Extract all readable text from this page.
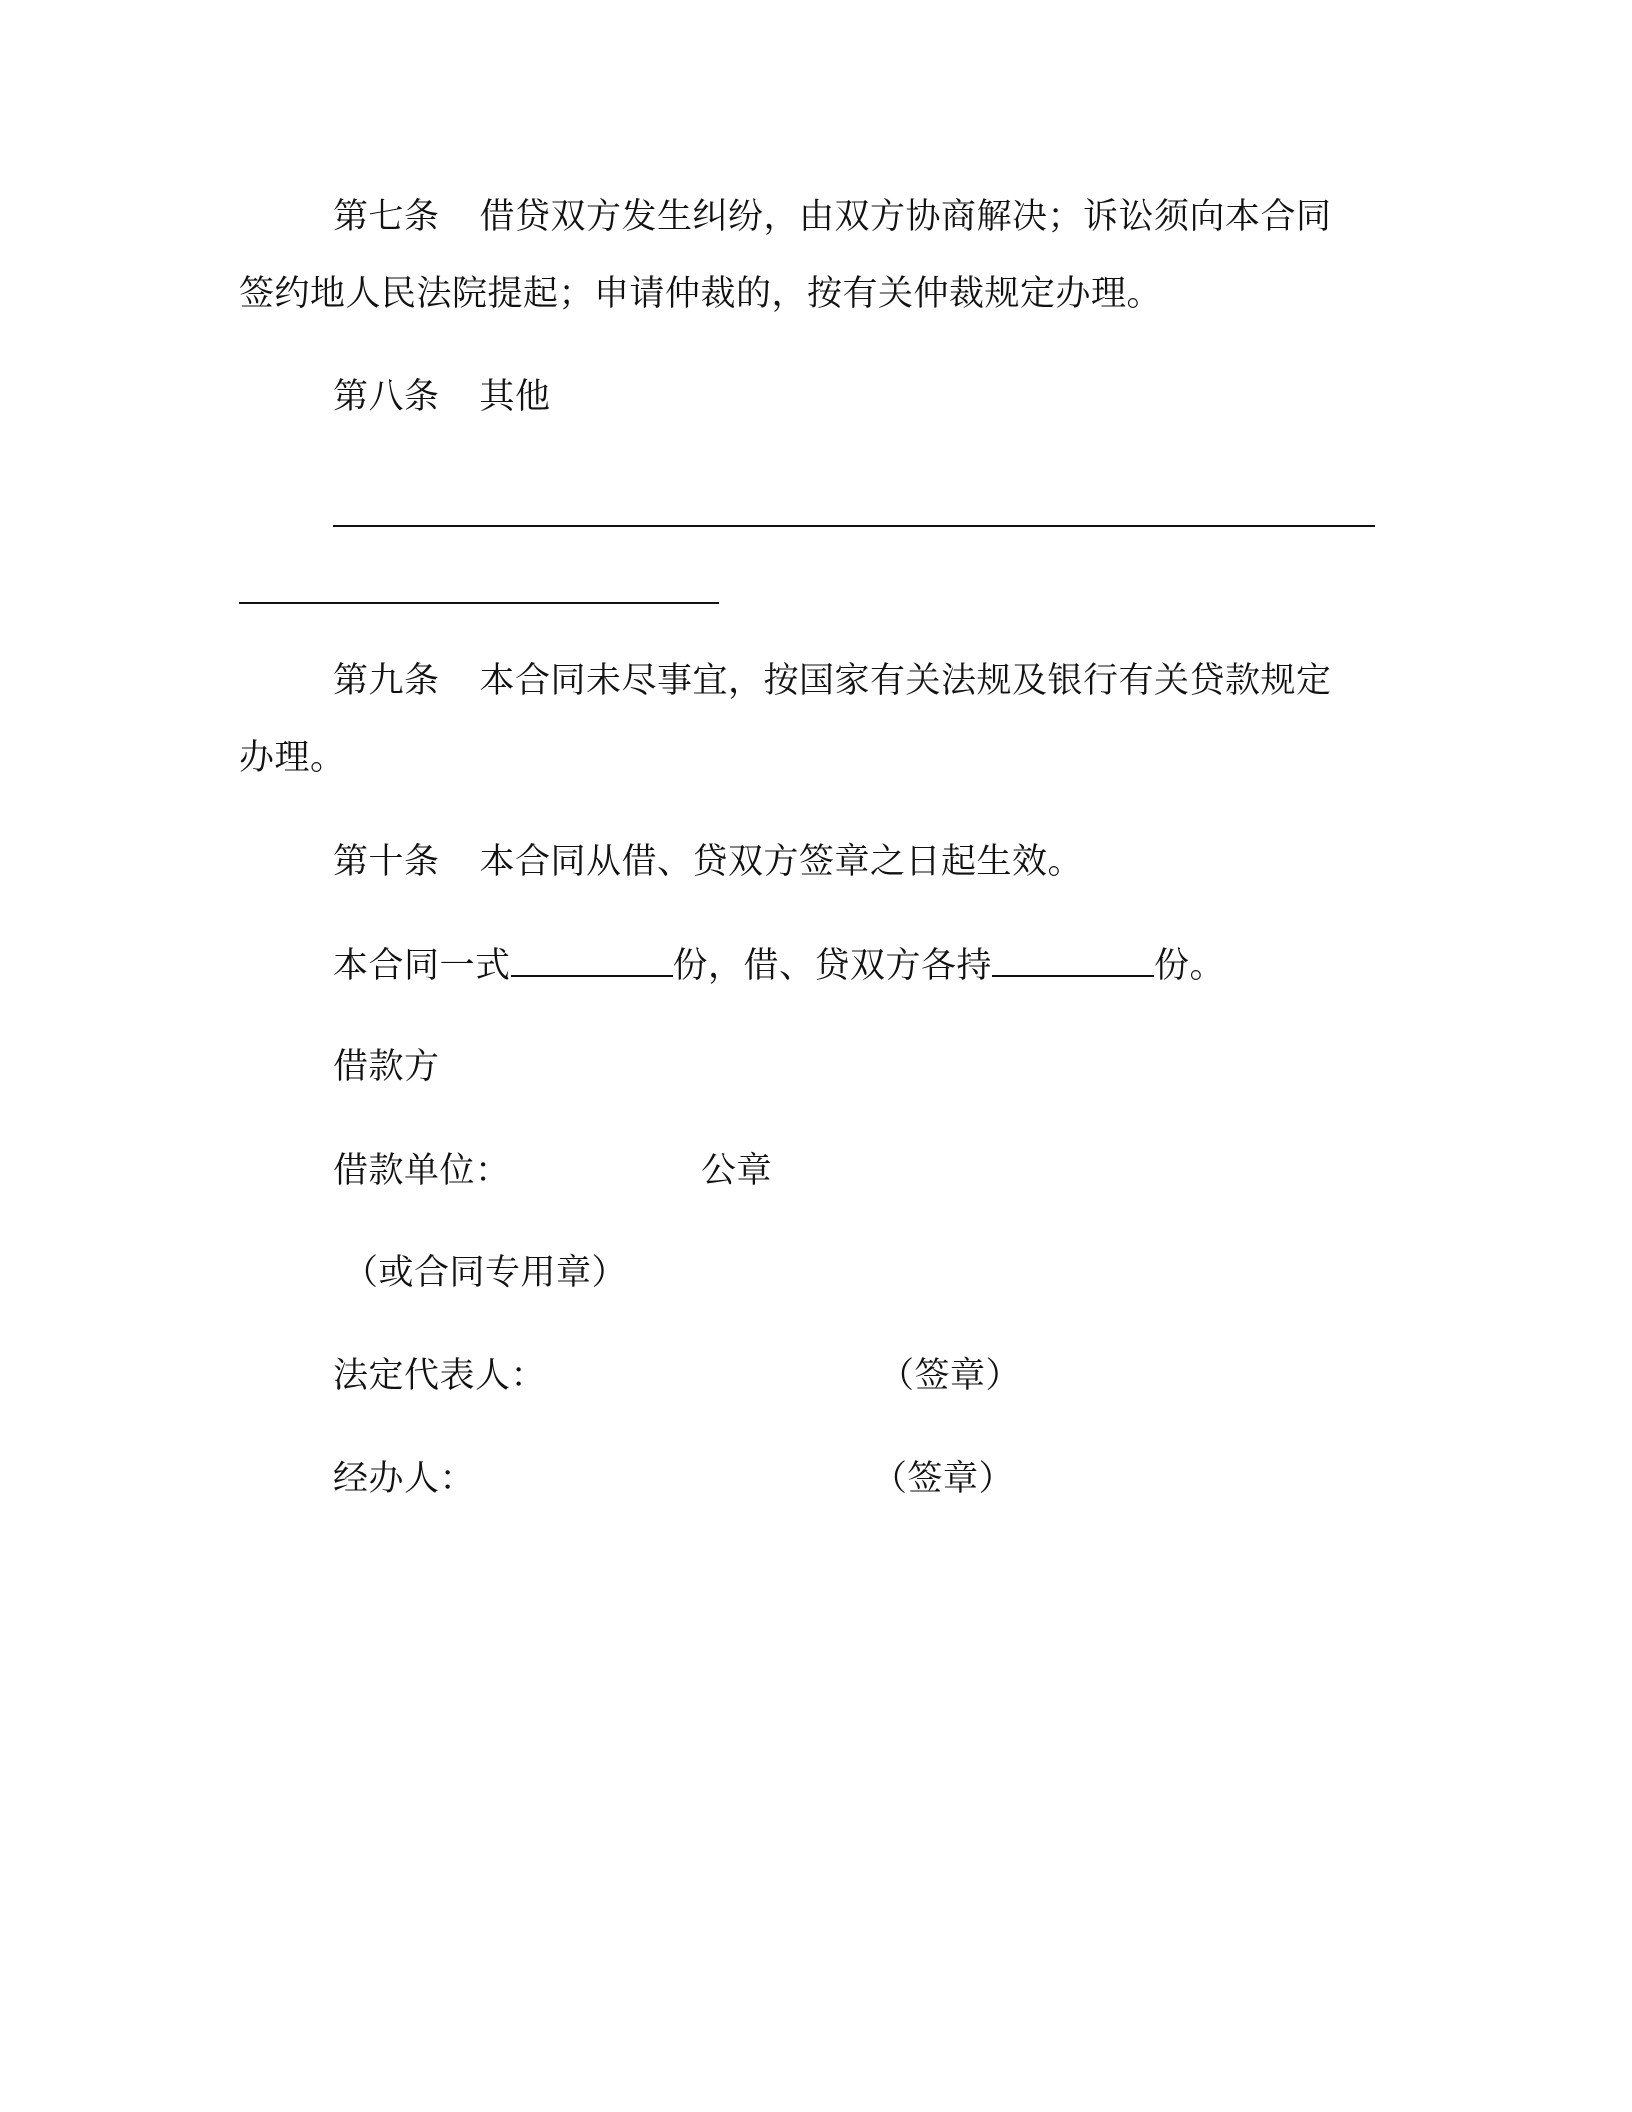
第七条 借贷双方发生纠纷，由双方协商解决；诉讼须向本合同
签约地人民法院提起；申请仲裁的，按有关仲裁规定办理。
第八条 其他
第九条 本合同未尽事宜，按国家有关法规及银行有关贷款规定
办理。
第十条 本合同从借、贷双方签章之日起生效。
本合同一式	份，借、贷双方各持	份。
借款方
借款单位：	公章
（或合同专用章）
法定代表人：	（签章）
经办人：	（签章）
